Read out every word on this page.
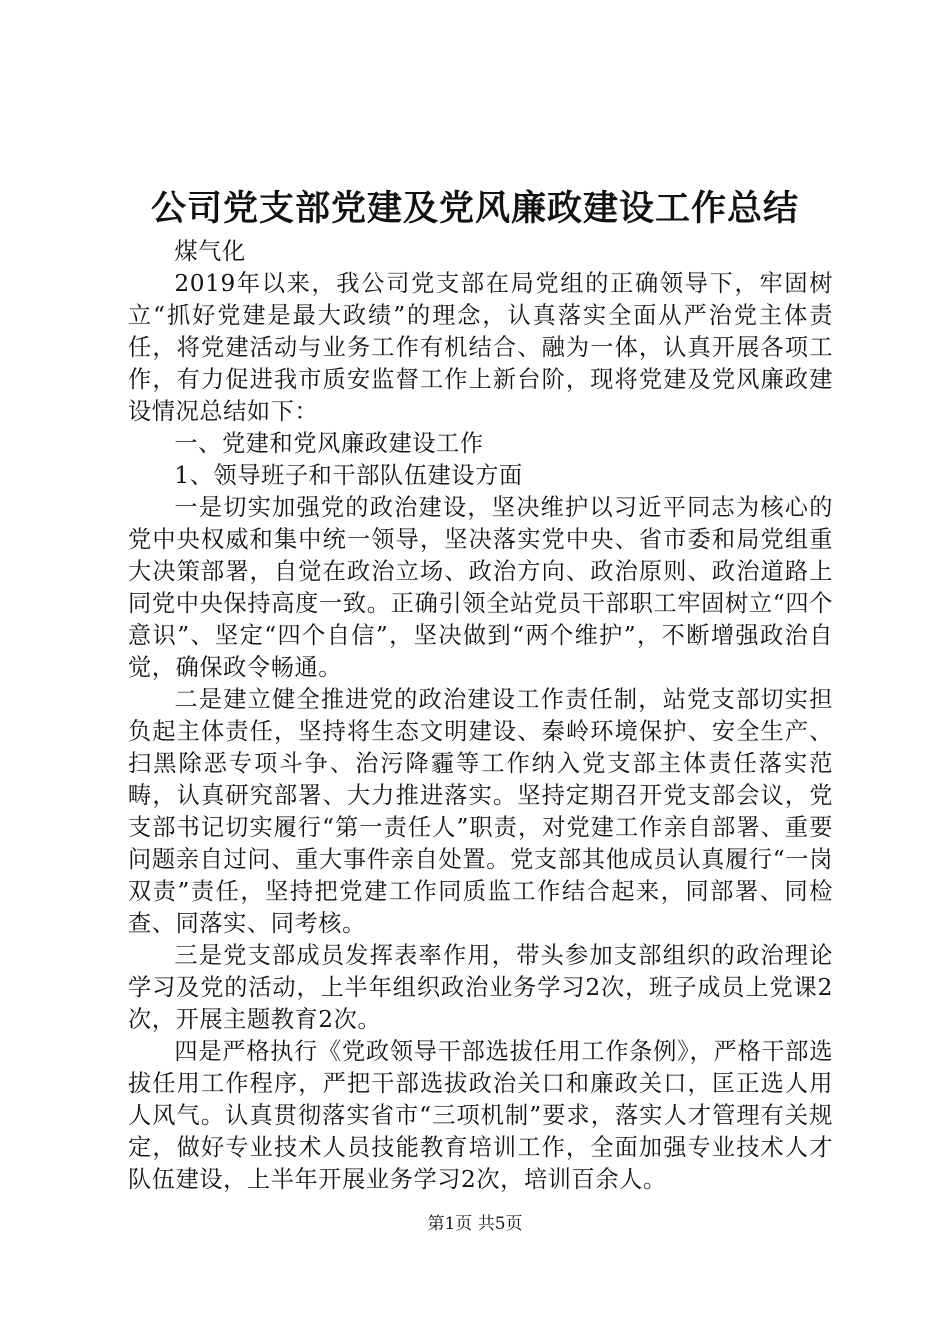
公司党支部党建及党风廉政建设工作总结

煤气化

2019年以来，我公司党支部在局党组的正确领导下，牢固树立“抓好党建是最大政绩”的理念，认真落实全面从严治党主体责任，将党建活动与业务工作有机结合、融为一体，认真开展各项工作，有力促进我市质安监督工作上新台阶，现将党建及党风廉政建设情况总结如下：

一、党建和党风廉政建设工作

1、领导班子和干部队伍建设方面

一是切实加强党的政治建设，坚决维护以习近平同志为核心的党中央权威和集中统一领导，坚决落实党中央、省市委和局党组重大决策部署，自觉在政治立场、政治方向、政治原则、政治道路上同党中央保持高度一致。正确引领全站党员干部职工牢固树立“四个意识”、坚定“四个自信”，坚决做到“两个维护”，不断增强政治自觉，确保政令畅通。

二是建立健全推进党的政治建设工作责任制，站党支部切实担负起主体责任，坚持将生态文明建设、秦岭环境保护、安全生产、扫黑除恶专项斗争、治污降霾等工作纳入党支部主体责任落实范畴，认真研究部署、大力推进落实。坚持定期召开党支部会议，党支部书记切实履行“第一责任人”职责，对党建工作亲自部署、重要问题亲自过问、重大事件亲自处置。党支部其他成员认真履行“一岗双责”责任，坚持把党建工作同质监工作结合起来，同部署、同检查、同落实、同考核。

三是党支部成员发挥表率作用，带头参加支部组织的政治理论学习及党的活动，上半年组织政治业务学习2次，班子成员上党课2次，开展主题教育2次。

四是严格执行《党政领导干部选拔任用工作条例》，严格干部选拔任用工作程序，严把干部选拔政治关口和廉政关口，匡正选人用人风气。认真贯彻落实省市“三项机制”要求，落实人才管理有关规定，做好专业技术人员技能教育培训工作，全面加强专业技术人才队伍建设，上半年开展业务学习2次，培训百余人。

第1页 共5页
